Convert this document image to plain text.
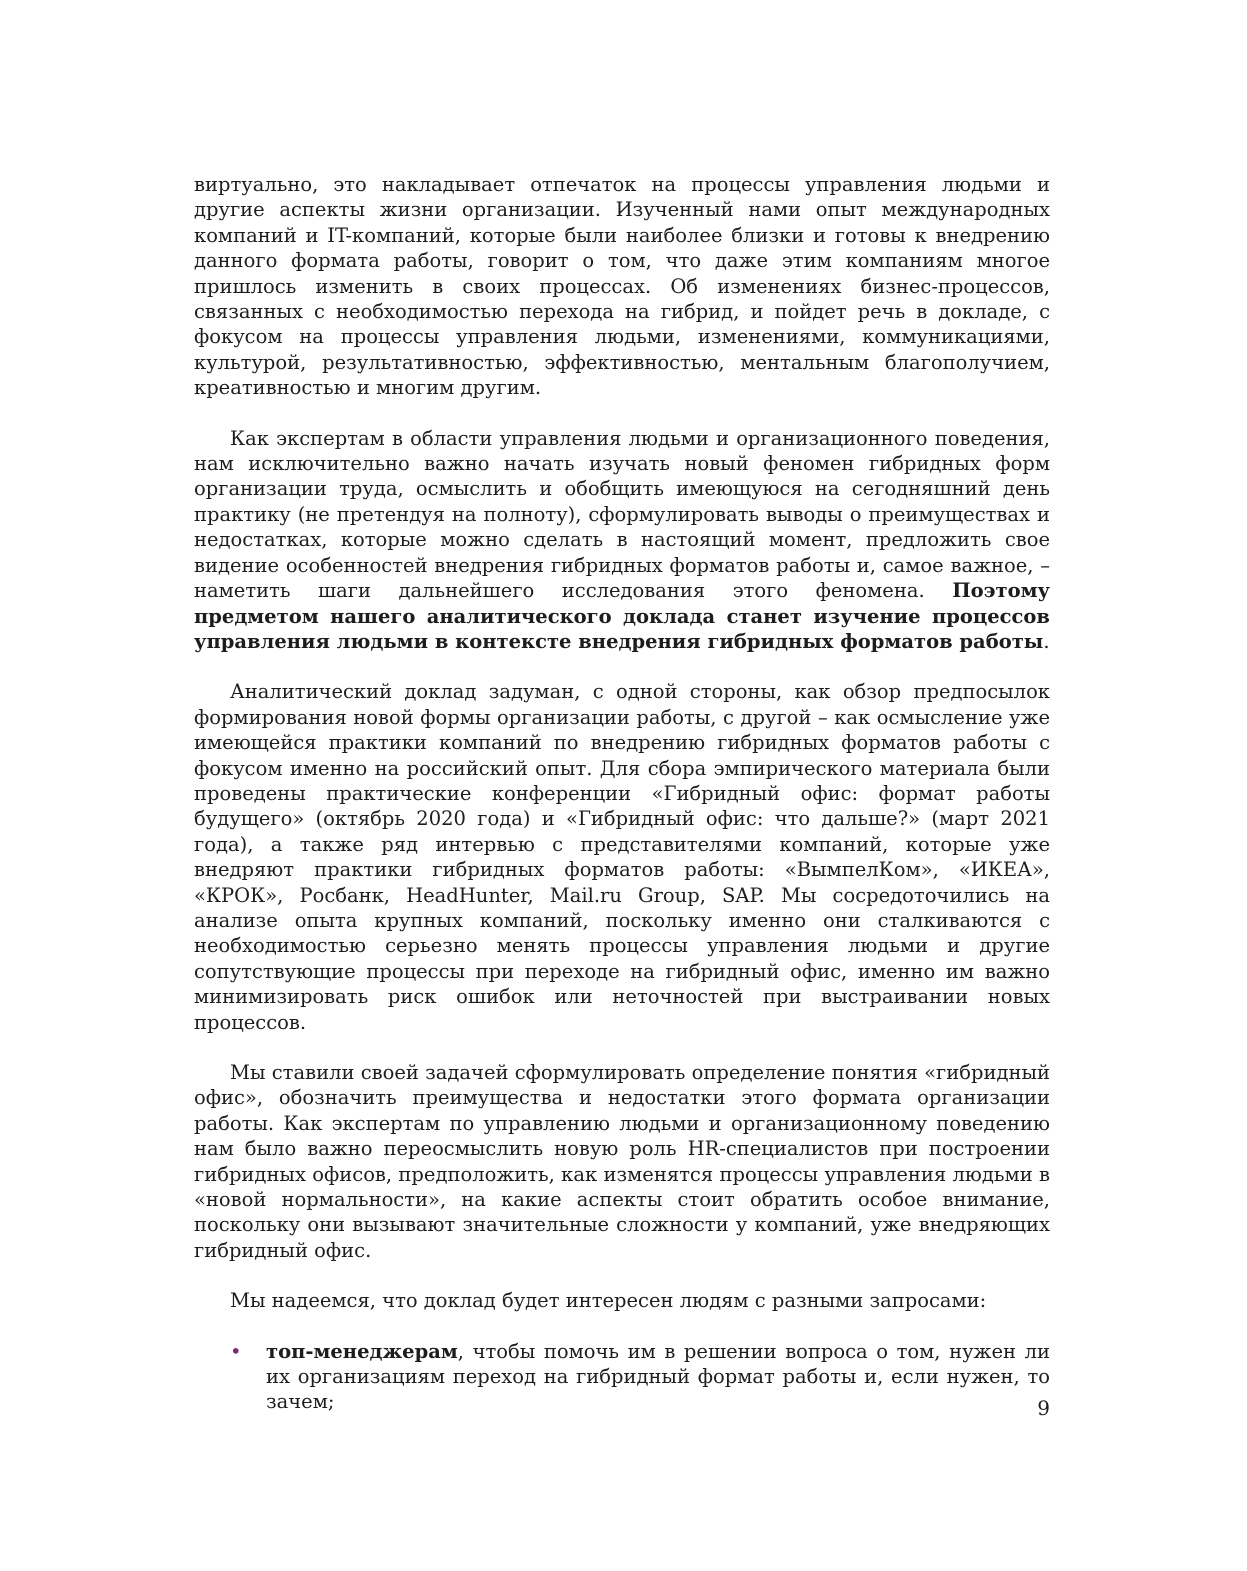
виртуально, это накладывает отпечаток на процессы управления людьми и другие аспекты жизни организации. Изученный нами опыт международных компаний и IT-компаний, которые были наиболее близки и готовы к внедрению данного формата работы, говорит о том, что даже этим компаниям многое пришлось изменить в своих процессах. Об изменениях бизнес-процессов, связанных с необходимостью перехода на гибрид, и пойдет речь в докладе, с фокусом на процессы управления людьми, изменениями, коммуникациями, культурой, результативностью, эффективностью, ментальным благополучием, креативностью и многим другим.

Как экспертам в области управления людьми и организационного поведения, нам исключительно важно начать изучать новый феномен гибридных форм организации труда, осмыслить и обобщить имеющуюся на сегодняшний день практику (не претендуя на полноту), сформулировать выводы о преимуществах и недостатках, которые можно сделать в настоящий момент, предложить свое видение особенностей внедрения гибридных форматов работы и, самое важное, – наметить шаги дальнейшего исследования этого феномена. Поэтому предметом нашего аналитического доклада станет изучение процессов управления людьми в контексте внедрения гибридных форматов работы.

Аналитический доклад задуман, с одной стороны, как обзор предпосылок формирования новой формы организации работы, с другой – как осмысление уже имеющейся практики компаний по внедрению гибридных форматов работы с фокусом именно на российский опыт. Для сбора эмпирического материала были проведены практические конференции «Гибридный офис: формат работы будущего» (октябрь 2020 года) и «Гибридный офис: что дальше?» (март 2021 года), а также ряд интервью с представителями компаний, которые уже внедряют практики гибридных форматов работы: «ВымпелКом», «ИКЕА», «КРОК», Росбанк, HeadHunter, Mail.ru Group, SAP. Мы сосредоточились на анализе опыта крупных компаний, поскольку именно они сталкиваются с необходимостью серьезно менять процессы управления людьми и другие сопутствующие процессы при переходе на гибридный офис, именно им важно минимизировать риск ошибок или неточностей при выстраивании новых процессов.

Мы ставили своей задачей сформулировать определение понятия «гибридный офис», обозначить преимущества и недостатки этого формата организации работы. Как экспертам по управлению людьми и организационному поведению нам было важно переосмыслить новую роль HR-специалистов при построении гибридных офисов, предположить, как изменятся процессы управления людьми в «новой нормальности», на какие аспекты стоит обратить особое внимание, поскольку они вызывают значительные сложности у компаний, уже внедряющих гибридный офис.

Мы надеемся, что доклад будет интересен людям с разными запросами:

• топ-менеджерам, чтобы помочь им в решении вопроса о том, нужен ли их организациям переход на гибридный формат работы и, если нужен, то зачем;	9
